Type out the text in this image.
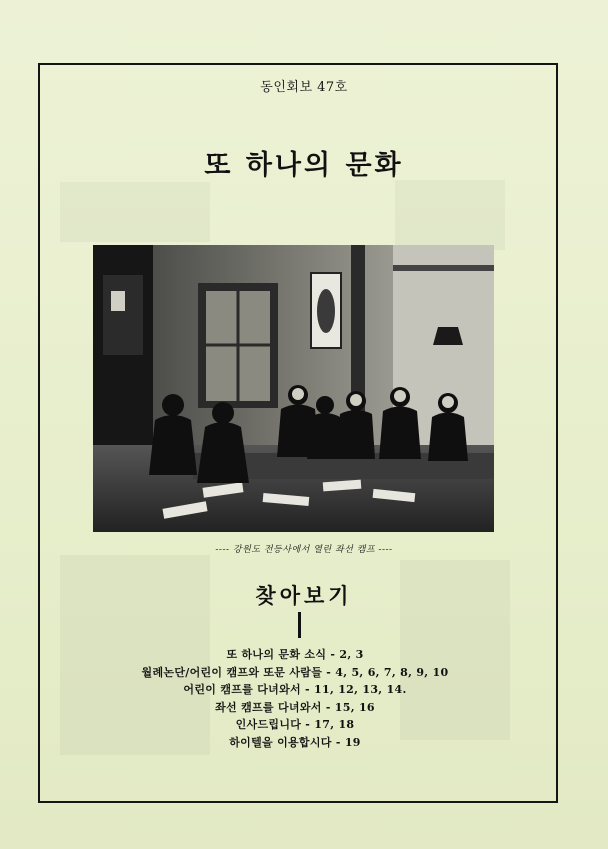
동인회보 47호
또 하나의 문화
---- 강원도 전등사에서 열린 좌선 캠프 ----
찾아보기
또 하나의 문화 소식 - 2, 3
월례논단/어린이 캠프와 또문 사람들 - 4, 5, 6, 7, 8, 9, 10
어린이 캠프를 다녀와서 - 11, 12, 13, 14.
좌선 캠프를 다녀와서 - 15, 16
인사드립니다 - 17, 18
하이텔을 이용합시다 - 19
